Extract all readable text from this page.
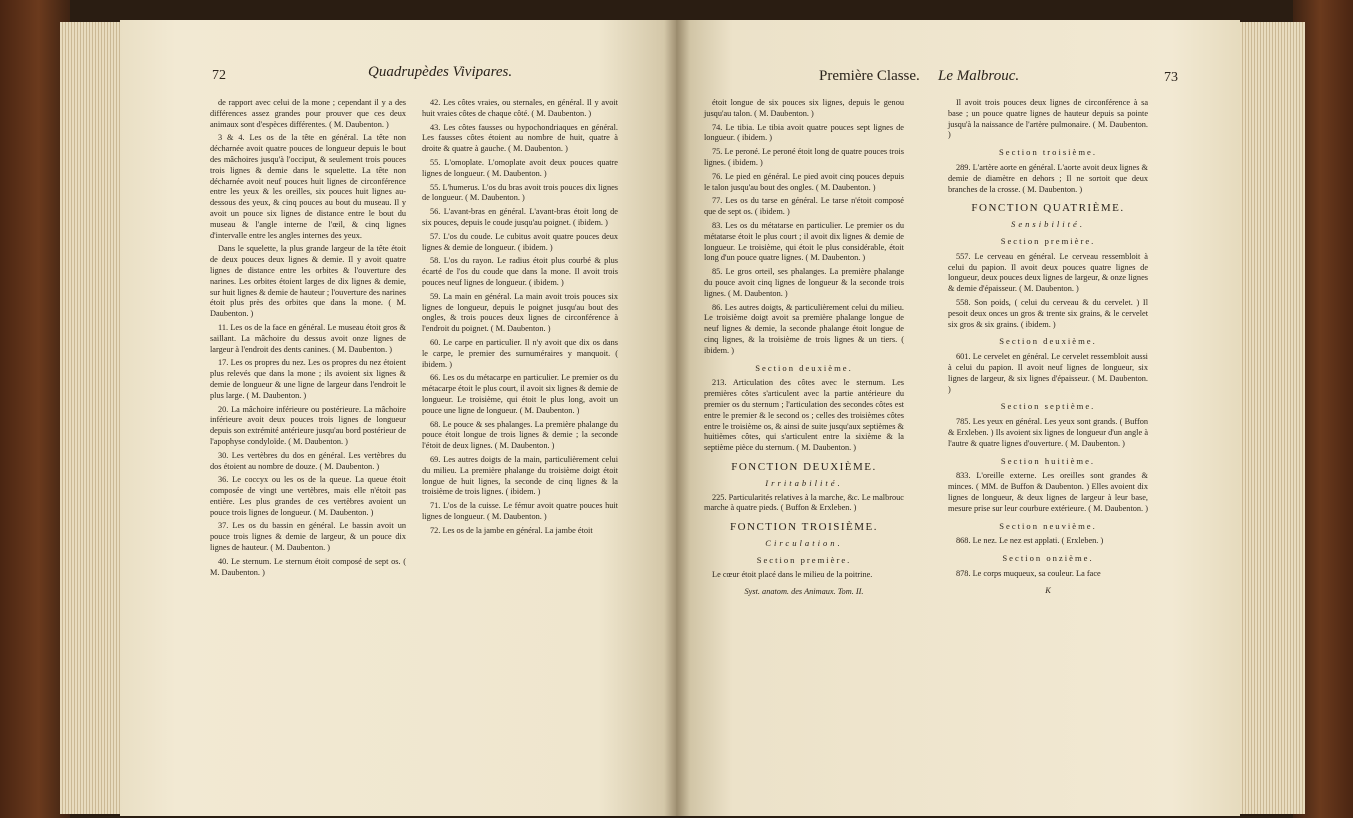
72	Quadrupèdes Vivipares.

de rapport avec celui de la mone ; cependant il y a des différences assez grandes pour prouver que ces deux animaux sont d'espèces différentes. ( M. Daubenton. )

3 & 4. Les os de la tête en général. La tête non décharnée avoit quatre pouces de longueur depuis le bout des mâchoires jusqu'à l'occiput, & seulement trois pouces trois lignes & demie dans le squelette. La tête non décharnée avoit neuf pouces huit lignes de circonférence entre les yeux & les oreilles, six pouces huit lignes au-dessous des yeux, & cinq pouces au bout du museau. Il y avoit un pouce six lignes de distance entre le bout du museau & l'angle interne de l'œil, & cinq lignes d'intervalle entre les angles internes des yeux.

Dans le squelette, la plus grande largeur de la tête étoit de deux pouces deux lignes & demie. Il y avoit quatre lignes de distance entre les orbites & l'ouverture des narines. Les orbites étoient larges de dix lignes & demie, sur huit lignes & demie de hauteur ; l'ouverture des narines étoit plus près des orbites que dans la mone. ( M. Daubenton. )

11. Les os de la face en général. Le museau étoit gros & saillant. La mâchoire du dessus avoit onze lignes de largeur à l'endroit des dents canines. ( M. Daubenton. )

17. Les os propres du nez. Les os propres du nez étoient plus relevés que dans la mone ; ils avoient six lignes & demie de longueur & une ligne de largeur dans l'endroit le plus large. ( M. Daubenton. )

20. La mâchoire inférieure ou postérieure. La mâchoire inférieure avoit deux pouces trois lignes de longueur depuis son extrémité antérieure jusqu'au bord postérieur de l'apophyse condyloïde. ( M. Daubenton. )

30. Les vertèbres du dos en général. Les vertèbres du dos étoient au nombre de douze. ( M. Daubenton. )

36. Le coccyx ou les os de la queue. La queue étoit composée de vingt une vertèbres, mais elle n'étoit pas entière. Les plus grandes de ces vertèbres avoient un pouce trois lignes de longueur. ( M. Daubenton. )

37. Les os du bassin en général. Le bassin avoit un pouce trois lignes & demie de largeur, & un pouce dix lignes de hauteur. ( M. Daubenton. )

40. Le sternum. Le sternum étoit composé de sept os. ( M. Daubenton. )

42. Les côtes vraies, ou sternales, en général. Il y avoit huit vraies côtes de chaque côté. ( M. Daubenton. )

43. Les côtes fausses ou hypochondriaques en général. Les fausses côtes étoient au nombre de huit, quatre à droite & quatre à gauche. ( M. Daubenton. )

55. L'omoplate. L'omoplate avoit deux pouces quatre lignes de longueur. ( M. Daubenton. )

55. L'humerus. L'os du bras avoit trois pouces dix lignes de longueur. ( M. Daubenton. )

56. L'avant-bras en général. L'avant-bras étoit long de six pouces, depuis le coude jusqu'au poignet. ( ibidem. )

57. L'os du coude. Le cubitus avoit quatre pouces deux lignes & demie de longueur. ( ibidem. )

58. L'os du rayon. Le radius étoit plus courbé & plus écarté de l'os du coude que dans la mone. Il avoit trois pouces neuf lignes de longueur. ( ibidem. )

59. La main en général. La main avoit trois pouces six lignes de longueur, depuis le poignet jusqu'au bout des ongles, & trois pouces deux lignes de circonférence à l'endroit du poignet. ( M. Daubenton. )

60. Le carpe en particulier. Il n'y avoit que dix os dans le carpe, le premier des surnuméraires y manquoit. ( ibidem. )

66. Les os du métacarpe en particulier. Le premier os du métacarpe étoit le plus court, il avoit six lignes & demie de longueur. Le troisième, qui étoit le plus long, avoit un pouce une ligne de longueur. ( M. Daubenton. )

68. Le pouce & ses phalanges. La première phalange du pouce étoit longue de trois lignes & demie ; la seconde l'étoit de deux lignes. ( M. Daubenton. )

69. Les autres doigts de la main, particulièrement celui du milieu. La première phalange du troisième doigt étoit longue de huit lignes, la seconde de cinq lignes & la troisième de trois lignes. ( ibidem. )

71. L'os de la cuisse. Le fémur avoit quatre pouces huit lignes de longueur. ( M. Daubenton. )

72. Les os de la jambe en général. La jambe étoit

Première Classe. Le Malbrouc.	73

étoit longue de six pouces six lignes, depuis le genou jusqu'au talon. ( M. Daubenton. )

74. Le tibia. Le tibia avoit quatre pouces sept lignes de longueur. ( ibidem. )

75. Le peroné. Le peroné étoit long de quatre pouces trois lignes. ( ibidem. )

76. Le pied en général. Le pied avoit cinq pouces depuis le talon jusqu'au bout des ongles. ( M. Daubenton. )

77. Les os du tarse en général. Le tarse n'étoit composé que de sept os. ( ibidem. )

83. Les os du métatarse en particulier. Le premier os du métatarse étoit le plus court ; il avoit dix lignes & demie de longueur. Le troisième, qui étoit le plus considérable, étoit long d'un pouce quatre lignes. ( M. Daubenton. )

85. Le gros orteil, ses phalanges. La première phalange du pouce avoit cinq lignes de longueur & la seconde trois lignes. ( M. Daubenton. )

86. Les autres doigts, & particulièrement celui du milieu. Le troisième doigt avoit sa première phalange longue de neuf lignes & demie, la seconde phalange étoit longue de cinq lignes, & la troisième de trois lignes & un tiers. ( ibidem. )

Section deuxième.

213. Articulation des côtes avec le sternum. Les premières côtes s'articulent avec la partie antérieure du premier os du sternum ; l'articulation des secondes côtes est entre le premier & le second os ; celles des troisièmes côtes entre le troisième os, & ainsi de suite jusqu'aux septièmes & huitièmes côtes, qui s'articulent entre la sixième & la septième pièce du sternum. ( M. Daubenton. )

FONCTION DEUXIÈME.

Irritabilité.

225. Particularités relatives à la marche, &c. Le malbrouc marche à quatre pieds. ( Buffon & Erxleben. )

FONCTION TROISIÈME.

Circulation.

Section première.

Le cœur étoit placé dans le milieu de la poitrine.

Syst. anatom. des Animaux. Tom. II.

Il avoit trois pouces deux lignes de circonférence à sa base ; un pouce quatre lignes de hauteur depuis sa pointe jusqu'à la naissance de l'artère pulmonaire. ( M. Daubenton. )

Section troisième.

289. L'artère aorte en général. L'aorte avoit deux lignes & demie de diamètre en dehors ; Il ne sortoit que deux branches de la crosse. ( M. Daubenton. )

FONCTION QUATRIÈME.

Sensibilité.

Section première.

557. Le cerveau en général. Le cerveau ressembloit à celui du papion. Il avoit deux pouces quatre lignes de longueur, deux pouces deux lignes de largeur, & onze lignes & demie d'épaisseur. ( M. Daubenton. )

558. Son poids, ( celui du cerveau & du cervelet. ) Il pesoit deux onces un gros & trente six grains, & le cervelet six gros & six grains. ( ibidem. )

Section deuxième.

601. Le cervelet en général. Le cervelet ressembloit aussi à celui du papion. Il avoit neuf lignes de longueur, six lignes de largeur, & six lignes d'épaisseur. ( M. Daubenton. )

Section septième.

785. Les yeux en général. Les yeux sont grands. ( Buffon & Erxleben. ) Ils avoient six lignes de longueur d'un angle à l'autre & quatre lignes d'ouverture. ( M. Daubenton. )

Section huitième.

833. L'oreille externe. Les oreilles sont grandes & minces. ( MM. de Buffon & Daubenton. ) Elles avoient dix lignes de longueur, & deux lignes de largeur à leur base, mesure prise sur leur courbure extérieure. ( M. Daubenton. )

Section neuvième.

868. Le nez. Le nez est applati. ( Erxleben. )

Section onzième.

878. Le corps muqueux, sa couleur. La face

K
